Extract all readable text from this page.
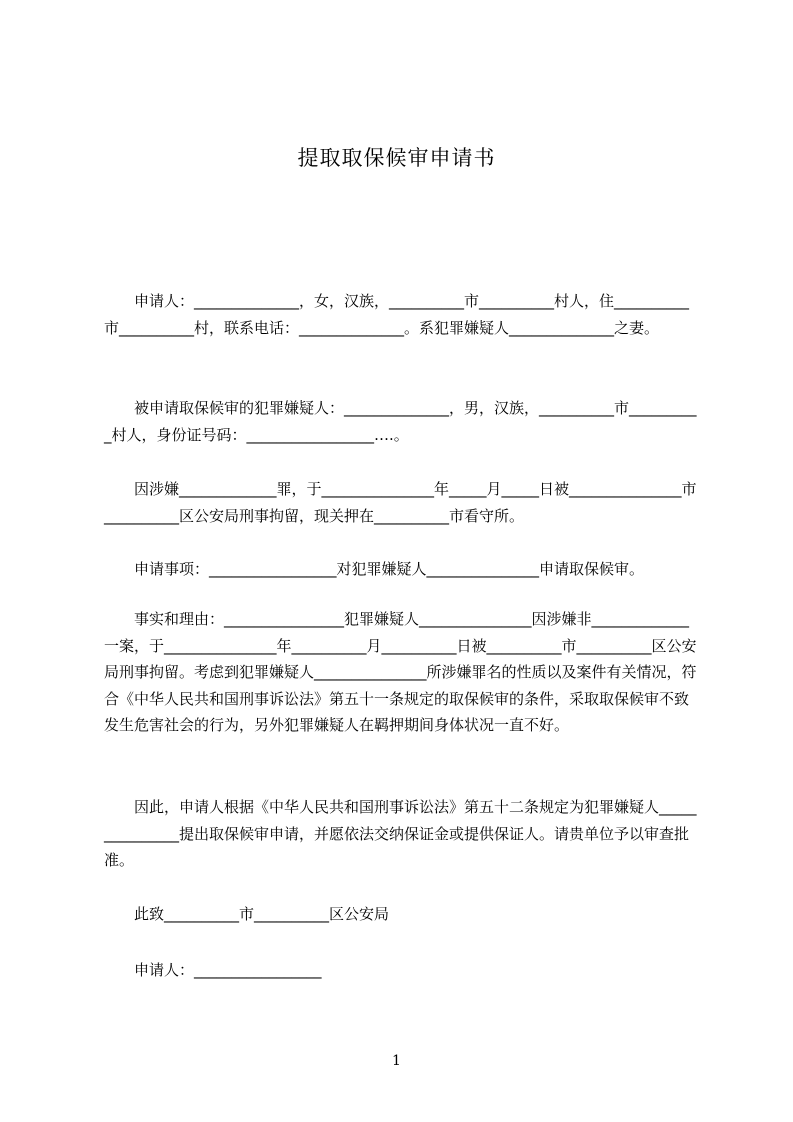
提取取保候审申请书

　　申请人：______________，女，汉族，__________市__________村人，住__________市__________村，联系电话：______________。系犯罪嫌疑人______________之妻。

　　被申请取保候审的犯罪嫌疑人：______________，男，汉族，__________市__________村人，身份证号码：_________________….。

　　因涉嫌_____________罪，于_______________年_____月_____日被_______________市__________区公安局刑事拘留，现关押在__________市看守所。

　　申请事项：_________________对犯罪嫌疑人_______________申请取保候审。

　　事实和理由：________________犯罪嫌疑人_______________因涉嫌非_____________一案，于_______________年__________月__________日被__________市__________区公安局刑事拘留。考虑到犯罪嫌疑人_______________所涉嫌罪名的性质以及案件有关情况，符合《中华人民共和国刑事诉讼法》第五十一条规定的取保候审的条件，采取取保候审不致发生危害社会的行为，另外犯罪嫌疑人在羁押期间身体状况一直不好。

　　因此，申请人根据《中华人民共和国刑事诉讼法》第五十二条规定为犯罪嫌疑人_______________提出取保候审申请，并愿依法交纳保证金或提供保证人。请贵单位予以审查批准。

　　此致__________市__________区公安局

　　申请人：_________________

1
